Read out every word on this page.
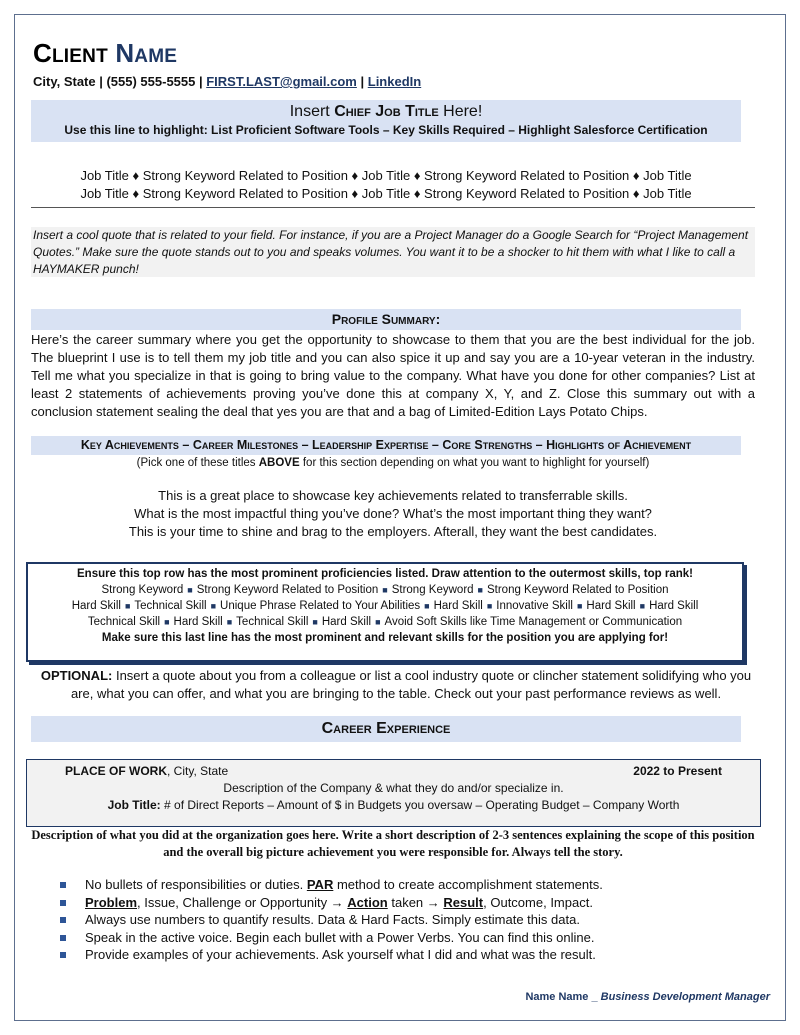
CLIENT NAME
City, State | (555) 555-5555 | FIRST.LAST@gmail.com | LinkedIn
Insert Chief Job Title Here!
Use this line to highlight: List Proficient Software Tools – Key Skills Required – Highlight Salesforce Certification
Job Title ♦ Strong Keyword Related to Position ♦ Job Title ♦ Strong Keyword Related to Position ♦ Job Title
Job Title ♦ Strong Keyword Related to Position ♦ Job Title ♦ Strong Keyword Related to Position ♦ Job Title
Insert a cool quote that is related to your field. For instance, if you are a Project Manager do a Google Search for “Project Management Quotes.” Make sure the quote stands out to you and speaks volumes. You want it to be a shocker to hit them with what I like to call a HAYMAKER punch!
Profile Summary:
Here’s the career summary where you get the opportunity to showcase to them that you are the best individual for the job. The blueprint I use is to tell them my job title and you can also spice it up and say you are a 10-year veteran in the industry. Tell me what you specialize in that is going to bring value to the company. What have you done for other companies? List at least 2 statements of achievements proving you’ve done this at company X, Y, and Z. Close this summary out with a conclusion statement sealing the deal that yes you are that and a bag of Limited-Edition Lays Potato Chips.
Key Achievements – Career Milestones – Leadership Expertise – Core Strengths – Highlights of Achievement
(Pick one of these titles ABOVE for this section depending on what you want to highlight for yourself)
This is a great place to showcase key achievements related to transferrable skills.
What is the most impactful thing you’ve done? What’s the most important thing they want?
This is your time to shine and brag to the employers. Afterall, they want the best candidates.
Ensure this top row has the most prominent proficiencies listed. Draw attention to the outermost skills, top rank!
Strong Keyword ■ Strong Keyword Related to Position ■ Strong Keyword ■ Strong Keyword Related to Position
Hard Skill ■ Technical Skill ■ Unique Phrase Related to Your Abilities ■ Hard Skill ■ Innovative Skill ■ Hard Skill ■ Hard Skill
Technical Skill ■ Hard Skill ■ Technical Skill ■ Hard Skill ■ Avoid Soft Skills like Time Management or Communication
Make sure this last line has the most prominent and relevant skills for the position you are applying for!
OPTIONAL: Insert a quote about you from a colleague or list a cool industry quote or clincher statement solidifying who you are, what you can offer, and what you are bringing to the table. Check out your past performance reviews as well.
Career Experience
PLACE OF WORK, City, State	2022 to Present
Description of the Company & what they do and/or specialize in.
Job Title: # of Direct Reports – Amount of $ in Budgets you oversaw – Operating Budget – Company Worth
Description of what you did at the organization goes here. Write a short description of 2-3 sentences explaining the scope of this position and the overall big picture achievement you were responsible for. Always tell the story.
No bullets of responsibilities or duties. PAR method to create accomplishment statements.
Problem, Issue, Challenge or Opportunity → Action taken → Result, Outcome, Impact.
Always use numbers to quantify results. Data & Hard Facts. Simply estimate this data.
Speak in the active voice. Begin each bullet with a Power Verbs. You can find this online.
Provide examples of your achievements. Ask yourself what I did and what was the result.
Name Name _ Business Development Manager
